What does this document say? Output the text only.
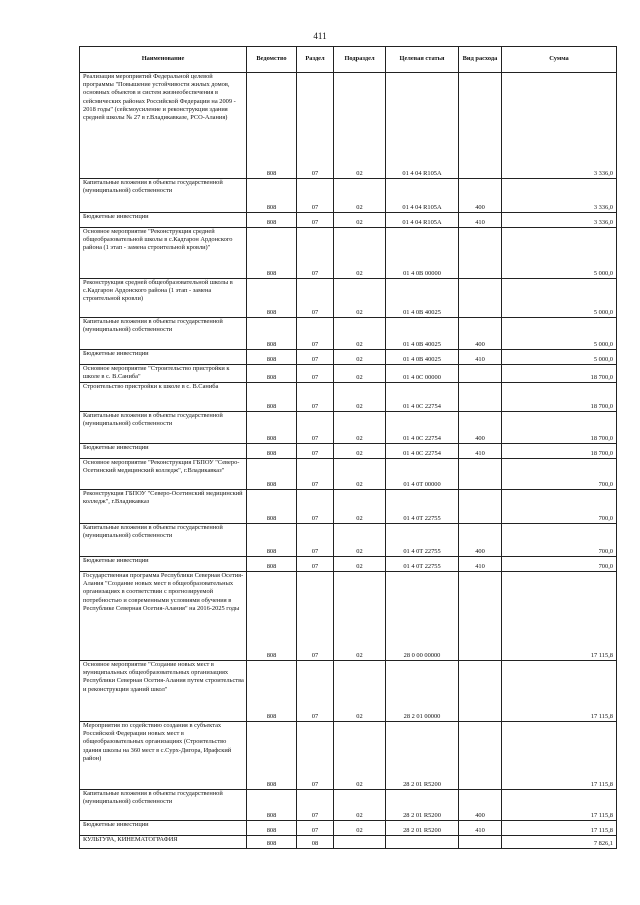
411
Наименование	Ведомство	Раздел	Подраздел	Целевая статья	Вид расхода	Сумма
Реализация мероприятий Федеральной целевой программы "Повышение устойчивости жилых домов, основных объектов и систем жизнеобеспечения в сейсмических районах Российской Федерации на 2009 - 2018 годы" (сейсмоусиление и реконструкция здания средней школы № 27 в г.Владикавказе, РСО-Алания)	808	07	02	01 4 04 R105A		3 336,0
Капитальные вложения в объекты государственной (муниципальной) собственности	808	07	02	01 4 04 R105A	400	3 336,0
Бюджетные инвестиции	808	07	02	01 4 04 R105A	410	3 336,0
Основное мероприятие "Реконструкция средней общеобразовательной школы в с.Кадгарон Ардонского района (1 этап - замена строительной кровли)"	808	07	02	01 4 0B 00000		5 000,0
Реконструкция средней общеобразовательной школы в с.Кадгарон Ардонского района (1 этап - замена строительной кровли)	808	07	02	01 4 0B 40025		5 000,0
Капитальные вложения в объекты государственной (муниципальной) собственности	808	07	02	01 4 0B 40025	400	5 000,0
Бюджетные инвестиции	808	07	02	01 4 0B 40025	410	5 000,0
Основное мероприятие "Строительство пристройки к школе в с. В.Саниба"	808	07	02	01 4 0C 00000		18 700,0
Строительство пристройки к школе в с. В.Саниба	808	07	02	01 4 0C 22754		18 700,0
Капитальные вложения в объекты государственной (муниципальной) собственности	808	07	02	01 4 0C 22754	400	18 700,0
Бюджетные инвестиции	808	07	02	01 4 0C 22754	410	18 700,0
Основное мероприятие "Реконструкция ГБПОУ "Северо-Осетинский медицинский колледж", г.Владикавказ"	808	07	02	01 4 0T 00000		700,0
Реконструкция ГБПОУ "Северо-Осетинский медицинский колледж", г.Владикавказ	808	07	02	01 4 0T 22755		700,0
Капитальные вложения в объекты государственной (муниципальной) собственности	808	07	02	01 4 0T 22755	400	700,0
Бюджетные инвестиции	808	07	02	01 4 0T 22755	410	700,0
Государственная программа Республики Северная Осетия-Алания "Создание новых мест в общеобразовательных организациях в соответствии с прогнозируемой потребностью и современными условиями обучения в Республике Северная Осетия-Алания" на 2016-2025 годы	808	07	02	28 0 00 00000		17 115,8
Основное мероприятие "Создание новых мест в муниципальных общеобразовательных организациях Республики Северная Осетия-Алания путем строительства и реконструкции зданий школ"	808	07	02	28 2 01 00000		17 115,8
Мероприятия по содействию создания в субъектах Российской Федерации новых мест в общеобразовательных организациях (Строительство здания школы на 360 мест в с.Сурх-Дигора, Ирафский район)	808	07	02	28 2 01 R5200		17 115,8
Капитальные вложения в объекты государственной (муниципальной) собственности	808	07	02	28 2 01 R5200	400	17 115,8
Бюджетные инвестиции	808	07	02	28 2 01 R5200	410	17 115,8
КУЛЬТУРА, КИНЕМАТОГРАФИЯ	808	08				7 826,1
